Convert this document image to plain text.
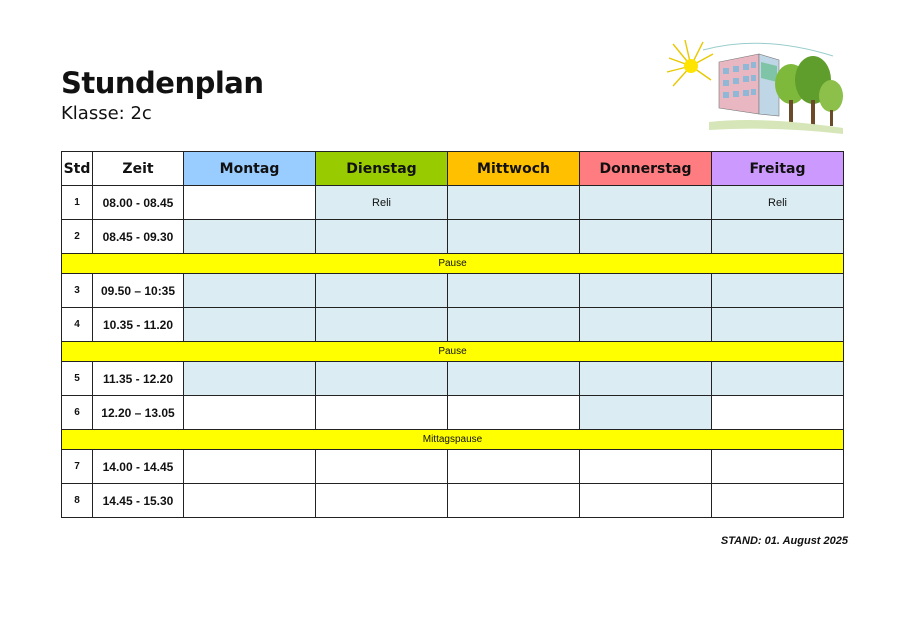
Stundenplan
Klasse: 2c
Std	Zeit	Montag	Dienstag	Mittwoch	Donnerstag	Freitag
1	08.00 - 08.45		Reli			Reli
2	08.45 - 09.30					
Pause						
3	09.50 – 10:35					
4	10.35 - 11.20					
Pause						
5	11.35 - 12.20					
6	12.20 – 13.05					
Mittagspause						
7	14.00 - 14.45					
8	14.45 - 15.30					
STAND: 01. August 2025
